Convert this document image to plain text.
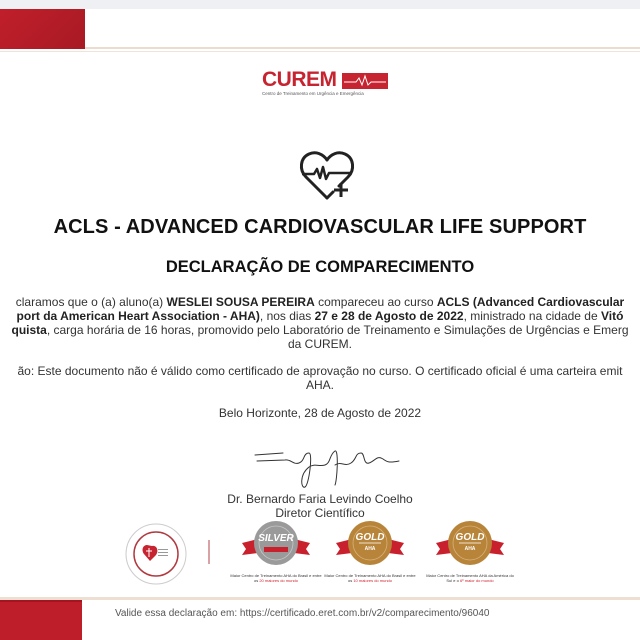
CUREM
Centro de Treinamento em Urgência e Emergência
ACLS - ADVANCED CARDIOVASCULAR LIFE SUPPORT
DECLARAÇÃO DE COMPARECIMENTO
claramos que o (a) aluno(a) WESLEI SOUSA PEREIRA compareceu ao curso ACLS (Advanced Cardiovascular
port da American Heart Association - AHA), nos dias 27 e 28 de Agosto de 2022, ministrado na cidade de Vitó
quista, carga horária de 16 horas, promovido pelo Laboratório de Treinamento e Simulações de Urgências e Emerg
da CUREM.
ão: Este documento não é válido como certificado de aprovação no curso. O certificado oficial é uma carteira emit
AHA.
Belo Horizonte, 28 de Agosto de 2022
Dr. Bernardo Faria Levindo Coelho
Diretor Científico
SILVER
Maior Centro de Treinamento AHA do Brasil e entre os 20 maiores do mundo
GOLD
AHA
Maior Centro de Treinamento AHA do Brasil e entre os 10 maiores do mundo
GOLD
AHA
Maior Centro de Treinamento AHA da América do Sul e o 6º maior do mundo
Valide essa declaração em: https://certificado.eret.com.br/v2/comparecimento/96040
